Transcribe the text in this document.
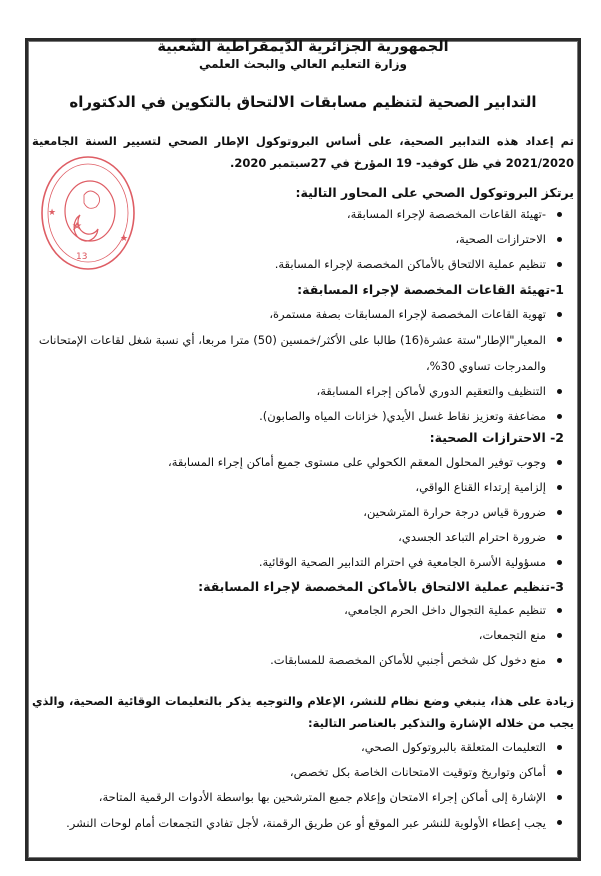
الجمهورية الجزائرية الدّيمقراطية الشّعبية
وزارة التعليم العالي والبحث العلمي
التدابير الصحية لتنظيم مسابقات الالتحاق بالتكوين في الدكتوراه
تم إعداد هذه التدابير الصحية، على أساس البروتوكول الإطار الصحي لتسيير السنة الجامعية 2021/2020 في ظل كوفيد- 19 المؤرخ في 27سبتمبر 2020.
يرتكز البروتوكول الصحي على المحاور التالية:
-تهيئة القاعات المخصصة لإجراء المسابقة،
الاحترازات الصحية،
تنظيم عملية الالتحاق بالأماكن المخصصة لإجراء المسابقة.
1-تهيئة القاعات المخصصة لإجراء المسابقة:
تهوية القاعات المخصصة لإجراء المسابقات بصفة مستمرة،
المعيار"الإطار"ستة عشرة(16) طالبا على الأكثر/خمسين (50) مترا مربعا، أي نسبة شغل لقاعات الإمتحانات والمدرجات تساوي 30%،
التنظيف والتعقيم الدوري لأماكن إجراء المسابقة،
مضاعفة وتعزيز نقاط غسل الأيدي( خزانات المياه والصابون).
2- الاحترازات الصحية:
وجوب توفير المحلول المعقم الكحولي على مستوى جميع أماكن إجراء المسابقة،
إلزامية إرتداء القناع الواقي،
ضرورة قياس درجة حرارة المترشحين،
ضرورة احترام التباعد الجسدي،
مسؤولية الأسرة الجامعية في احترام التدابير الصحية الوقائية.
3-تنظيم عملية الالتحاق بالأماكن المخصصة لإجراء المسابقة:
تنظيم عملية التجوال داخل الحرم الجامعي،
منع التجمعات،
منع دخول كل شخص أجنبي للأماكن المخصصة للمسابقات.
زيادة على هذا، ينبغي وضع نظام للنشر، الإعلام والتوجيه يذكر بالتعليمات الوقائية الصحية، والذي يجب من خلاله الإشارة والتذكير بالعناصر التالية:
التعليمات المتعلقة بالبروتوكول الصحي،
أماكن وتواريخ وتوقيت الامتحانات الخاصة بكل تخصص،
الإشارة إلى أماكن إجراء الامتحان وإعلام جميع المترشحين بها بواسطة الأدوات الرقمية المتاحة،
يجب إعطاء الأولوية للنشر عبر الموقع أو عن طريق الرقمنة، لأجل تفادي التجمعات أمام لوحات النشر.
★
★
13
